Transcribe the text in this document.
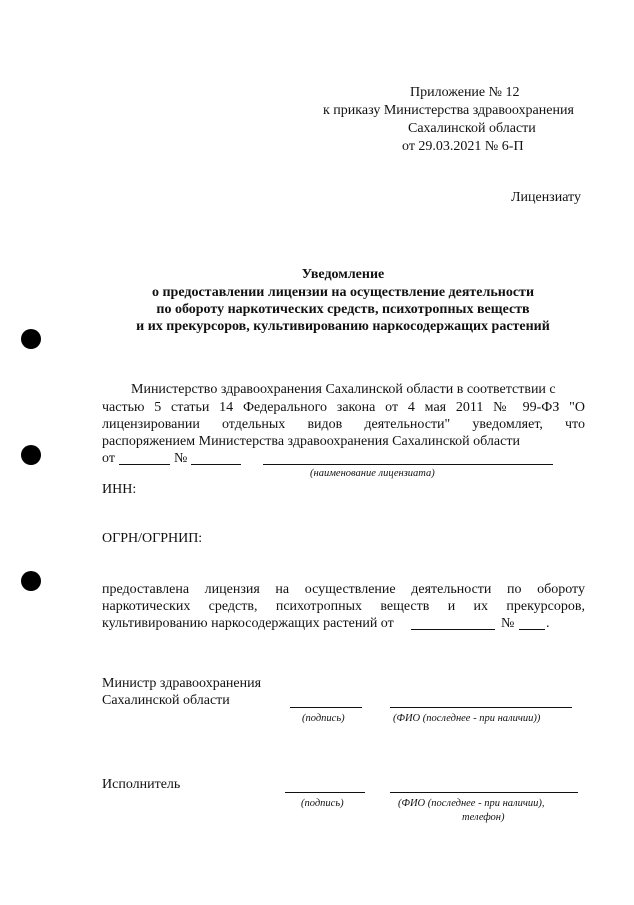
Приложение № 12
к приказу Министерства здравоохранения
Сахалинской области
от 29.03.2021 № 6-П
Лицензиату
Уведомление
о предоставлении лицензии на осуществление деятельности
по обороту наркотических средств, психотропных веществ
и их прекурсоров, культивированию наркосодержащих растений
Министерство здравоохранения Сахалинской области в соответствии с
частью 5 статьи 14 Федерального закона от 4 мая 2011 № 99-ФЗ "О
лицензировании отдельных видов деятельности" уведомляет, что
распоряжением Министерства здравоохранения Сахалинской области
от	№
(наименование лицензиата)
ИНН:
ОГРН/ОГРНИП:
предоставлена лицензия на осуществление деятельности по обороту
наркотических средств, психотропных веществ и их прекурсоров,
культивированию наркосодержащих растений от	№ .
Министр здравоохранения
Сахалинской области
(подпись)	(ФИО (последнее - при наличии))
Исполнитель
(подпись)	(ФИО (последнее - при наличии),
телефон)
